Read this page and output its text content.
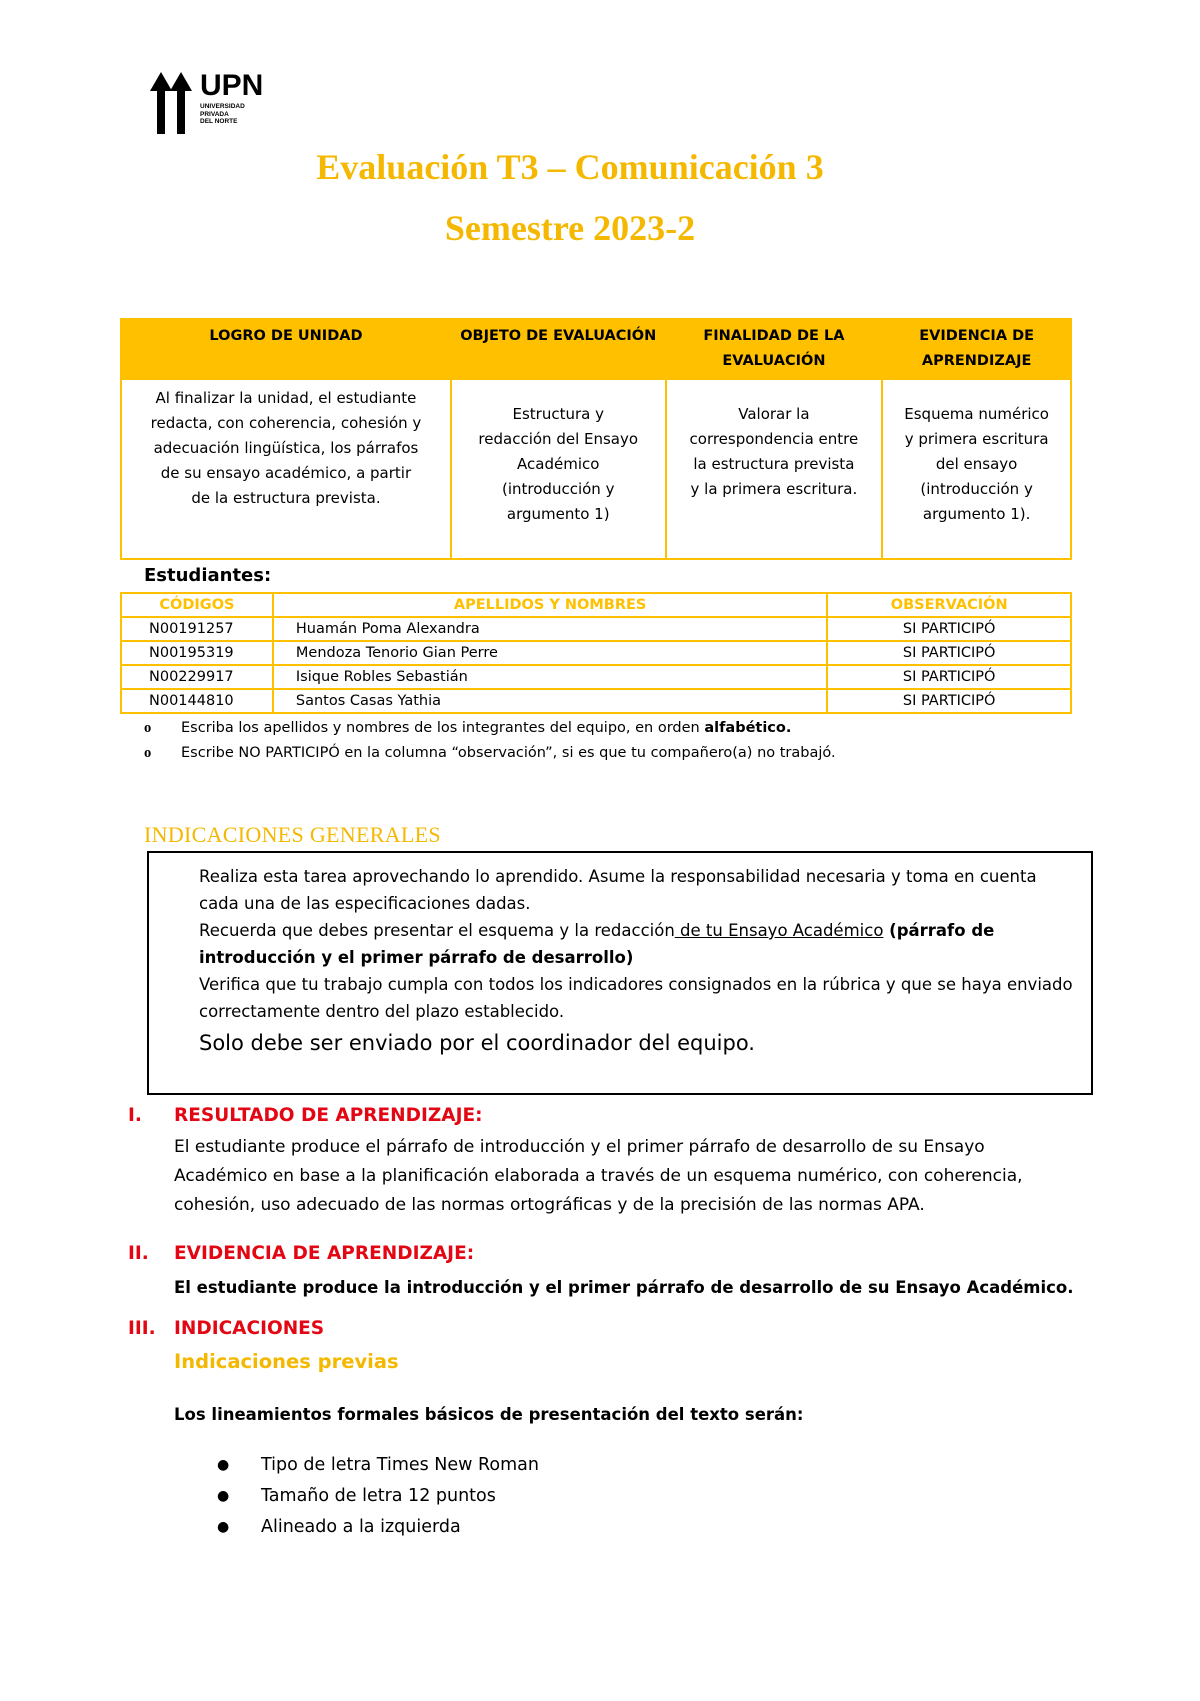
UPN
UNIVERSIDAD
PRIVADA
DEL NORTE
Evaluación T3 – Comunicación 3
Semestre 2023-2
LOGRO DE UNIDAD	OBJETO DE EVALUACIÓN	FINALIDAD DE LA EVALUACIÓN	EVIDENCIA DE APRENDIZAJE
Al finalizar la unidad, el estudiante redacta, con coherencia, cohesión y adecuación lingüística, los párrafos de su ensayo académico, a partir de la estructura prevista.	Estructura y redacción del Ensayo Académico (introducción y argumento 1)	Valorar la correspondencia entre la estructura prevista y la primera escritura.	Esquema numérico y primera escritura del ensayo (introducción y argumento 1).
Estudiantes:
CÓDIGOS	APELLIDOS Y NOMBRES	OBSERVACIÓN
N00191257	Huamán Poma Alexandra	SI PARTICIPÓ
N00195319	Mendoza Tenorio Gian Perre	SI PARTICIPÓ
N00229917	Isique Robles Sebastián	SI PARTICIPÓ
N00144810	Santos Casas Yathia	SI PARTICIPÓ
o	Escriba los apellidos y nombres de los integrantes del equipo, en orden alfabético.
o	Escribe NO PARTICIPÓ en la columna “observación”, si es que tu compañero(a) no trabajó.
INDICACIONES GENERALES
Realiza esta tarea aprovechando lo aprendido. Asume la responsabilidad necesaria y toma en cuenta cada una de las especificaciones dadas.
Recuerda que debes presentar el esquema y la redacción de tu Ensayo Académico (párrafo de introducción y el primer párrafo de desarrollo)
Verifica que tu trabajo cumpla con todos los indicadores consignados en la rúbrica y que se haya enviado correctamente dentro del plazo establecido.
Solo debe ser enviado por el coordinador del equipo.
I. RESULTADO DE APRENDIZAJE:
El estudiante produce el párrafo de introducción y el primer párrafo de desarrollo de su Ensayo Académico en base a la planificación elaborada a través de un esquema numérico, con coherencia, cohesión, uso adecuado de las normas ortográficas y de la precisión de las normas APA.
II. EVIDENCIA DE APRENDIZAJE:
El estudiante produce la introducción y el primer párrafo de desarrollo de su Ensayo Académico.
III. INDICACIONES
Indicaciones previas
Los lineamientos formales básicos de presentación del texto serán:
●	Tipo de letra Times New Roman
●	Tamaño de letra 12 puntos
●	Alineado a la izquierda
